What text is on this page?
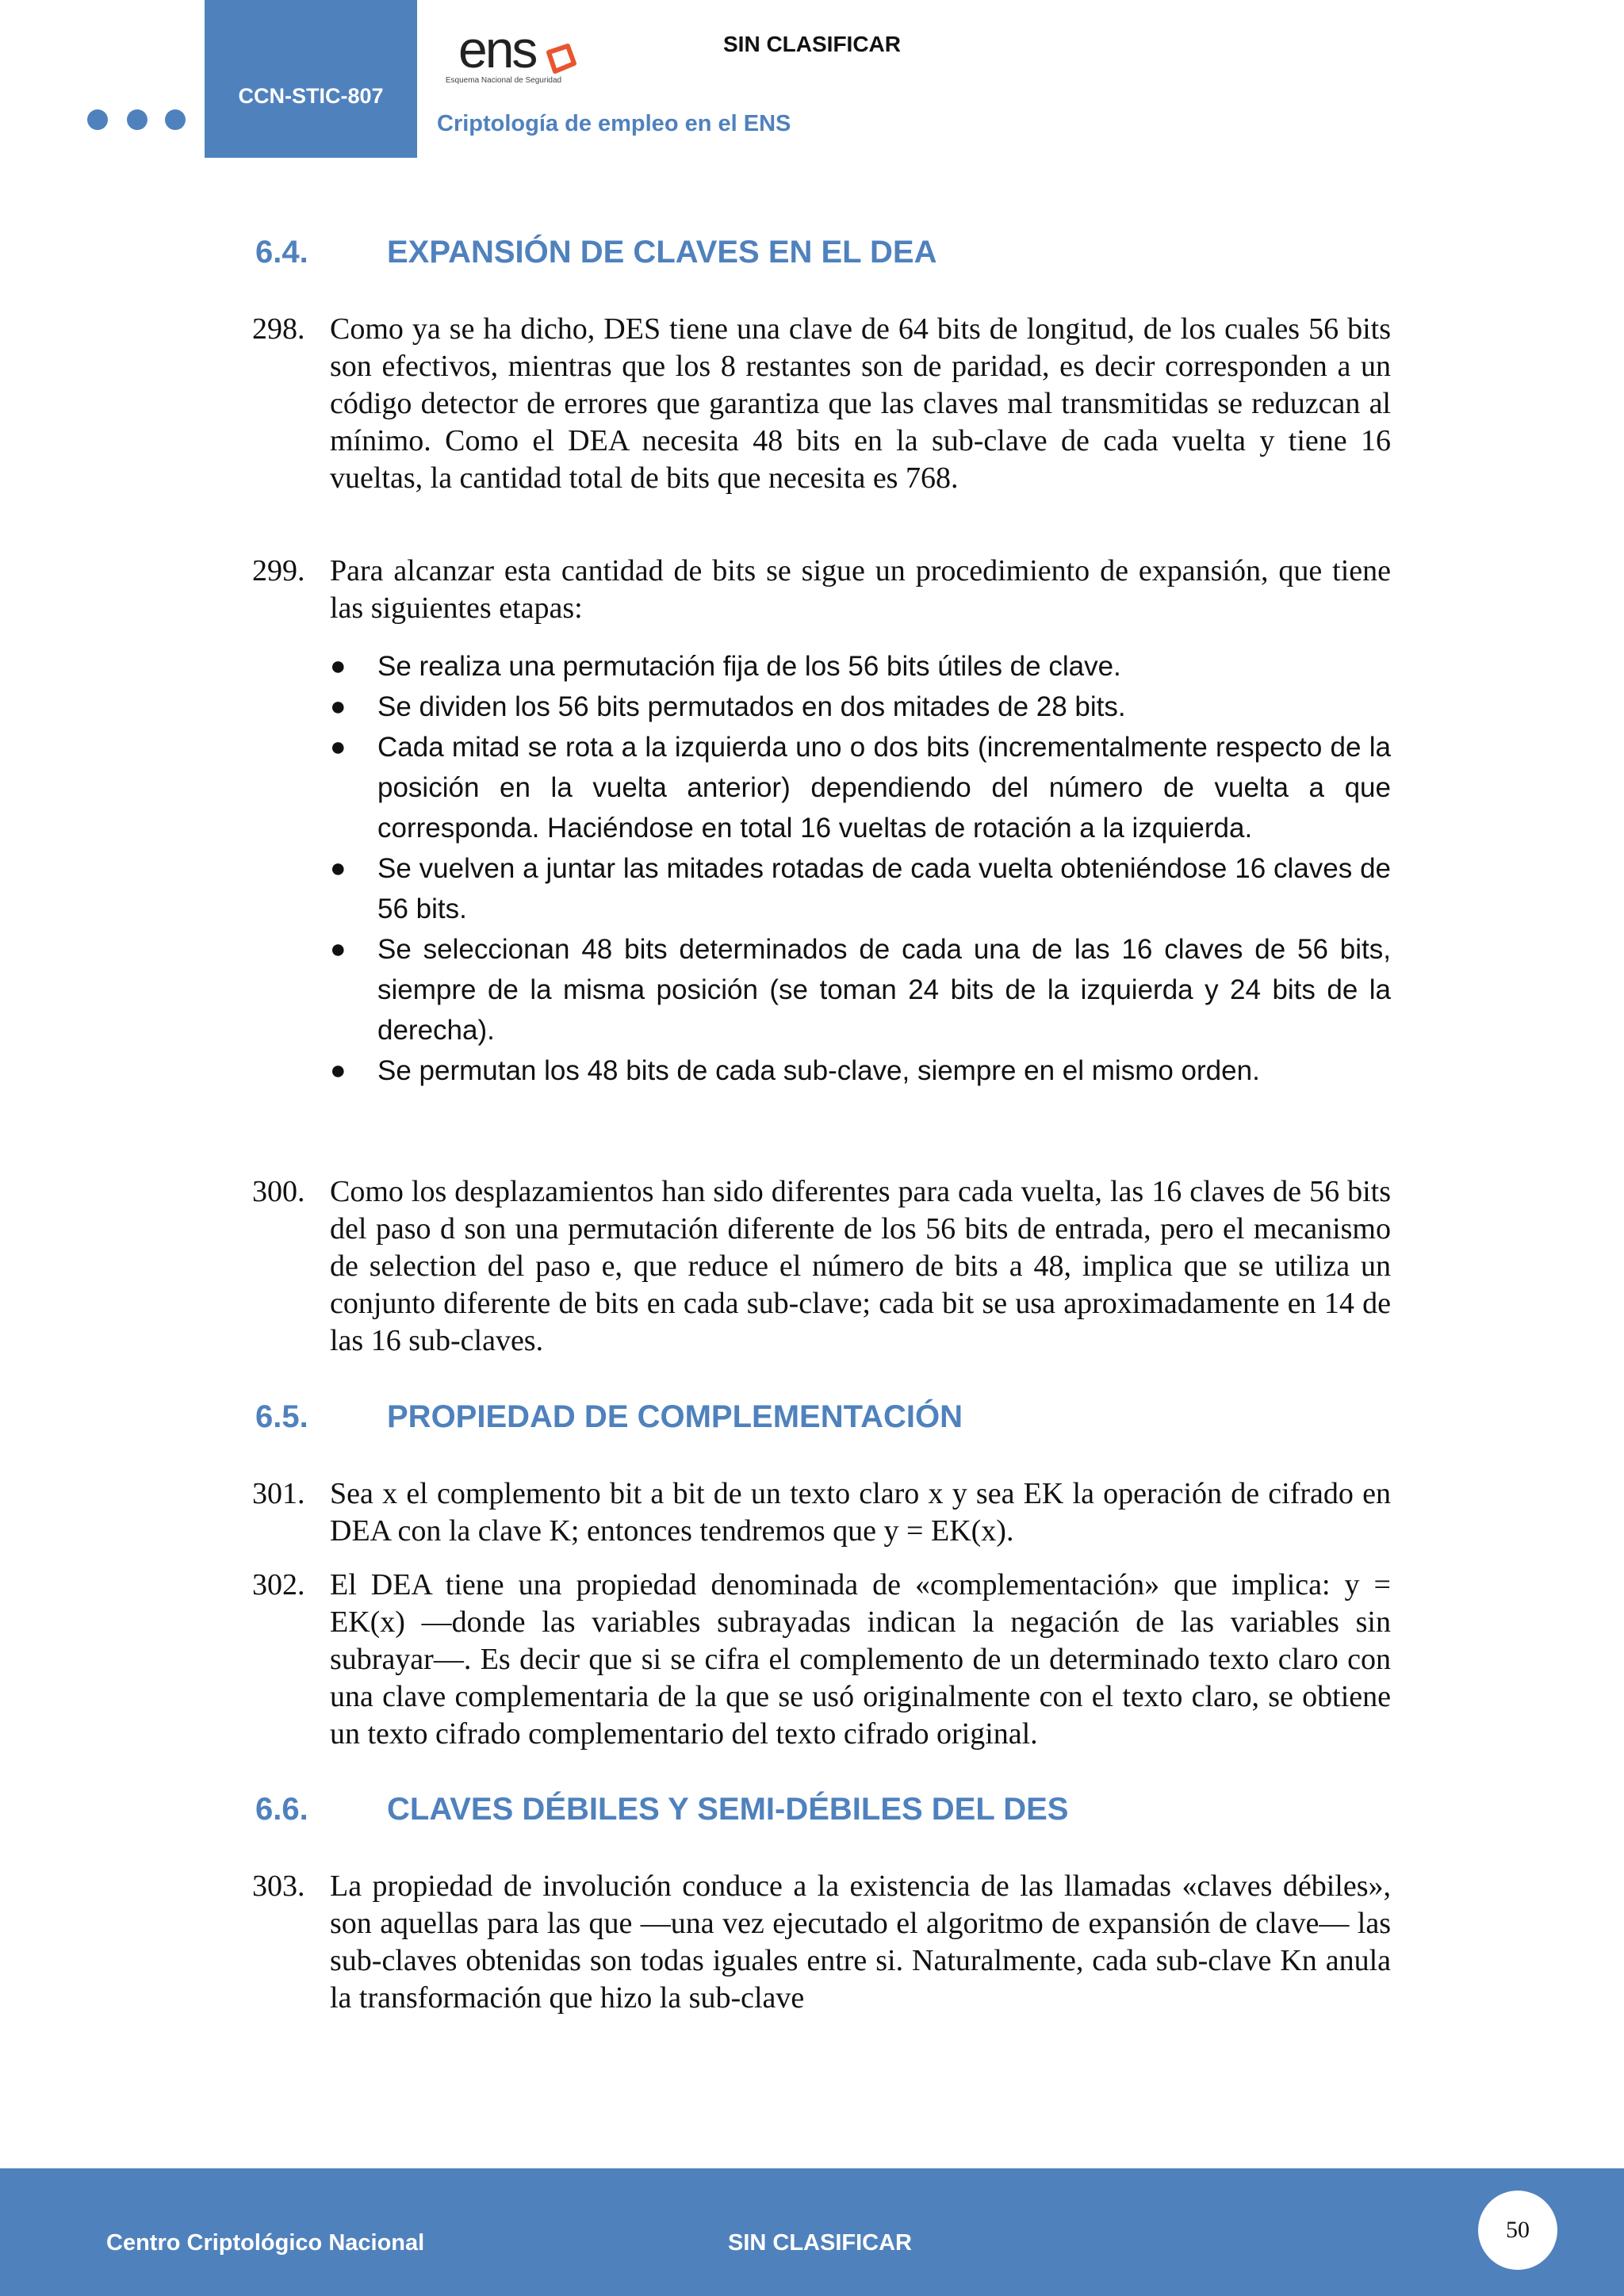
CCN-STIC-807
ens
Esquema Nacional de Seguridad
SIN CLASIFICAR
Criptología de empleo en el ENS
6.4. EXPANSIÓN DE CLAVES EN EL DEA
298. Como ya se ha dicho, DES tiene una clave de 64 bits de longitud, de los cuales 56 bits son efectivos, mientras que los 8 restantes son de paridad, es decir corresponden a un código detector de errores que garantiza que las claves mal transmitidas se reduzcan al mínimo. Como el DEA necesita 48 bits en la sub-clave de cada vuelta y tiene 16 vueltas, la cantidad total de bits que necesita es 768.
299. Para alcanzar esta cantidad de bits se sigue un procedimiento de expansión, que tiene las siguientes etapas:
● Se realiza una permutación fija de los 56 bits útiles de clave.
● Se dividen los 56 bits permutados en dos mitades de 28 bits.
● Cada mitad se rota a la izquierda uno o dos bits (incrementalmente respecto de la posición en la vuelta anterior) dependiendo del número de vuelta a que corresponda. Haciéndose en total 16 vueltas de rotación a la izquierda.
● Se vuelven a juntar las mitades rotadas de cada vuelta obteniéndose 16 claves de 56 bits.
● Se seleccionan 48 bits determinados de cada una de las 16 claves de 56 bits, siempre de la misma posición (se toman 24 bits de la izquierda y 24 bits de la derecha).
● Se permutan los 48 bits de cada sub-clave, siempre en el mismo orden.
300. Como los desplazamientos han sido diferentes para cada vuelta, las 16 claves de 56 bits del paso d son una permutación diferente de los 56 bits de entrada, pero el mecanismo de selection del paso e, que reduce el número de bits a 48, implica que se utiliza un conjunto diferente de bits en cada sub-clave; cada bit se usa aproximadamente en 14 de las 16 sub-claves.
6.5. PROPIEDAD DE COMPLEMENTACIÓN
301. Sea x el complemento bit a bit de un texto claro x y sea EK la operación de cifrado en DEA con la clave K; entonces tendremos que y = EK(x).
302. El DEA tiene una propiedad denominada de «complementación» que implica: y = EK(x) —donde las variables subrayadas indican la negación de las variables sin subrayar—. Es decir que si se cifra el complemento de un determinado texto claro con una clave complementaria de la que se usó originalmente con el texto claro, se obtiene un texto cifrado complementario del texto cifrado original.
6.6. CLAVES DÉBILES Y SEMI-DÉBILES DEL DES
303. La propiedad de involución conduce a la existencia de las llamadas «claves débiles», son aquellas para las que —una vez ejecutado el algoritmo de expansión de clave— las sub-claves obtenidas son todas iguales entre si. Naturalmente, cada sub-clave Kn anula la transformación que hizo la sub-clave
Centro Criptológico Nacional	SIN CLASIFICAR	50
